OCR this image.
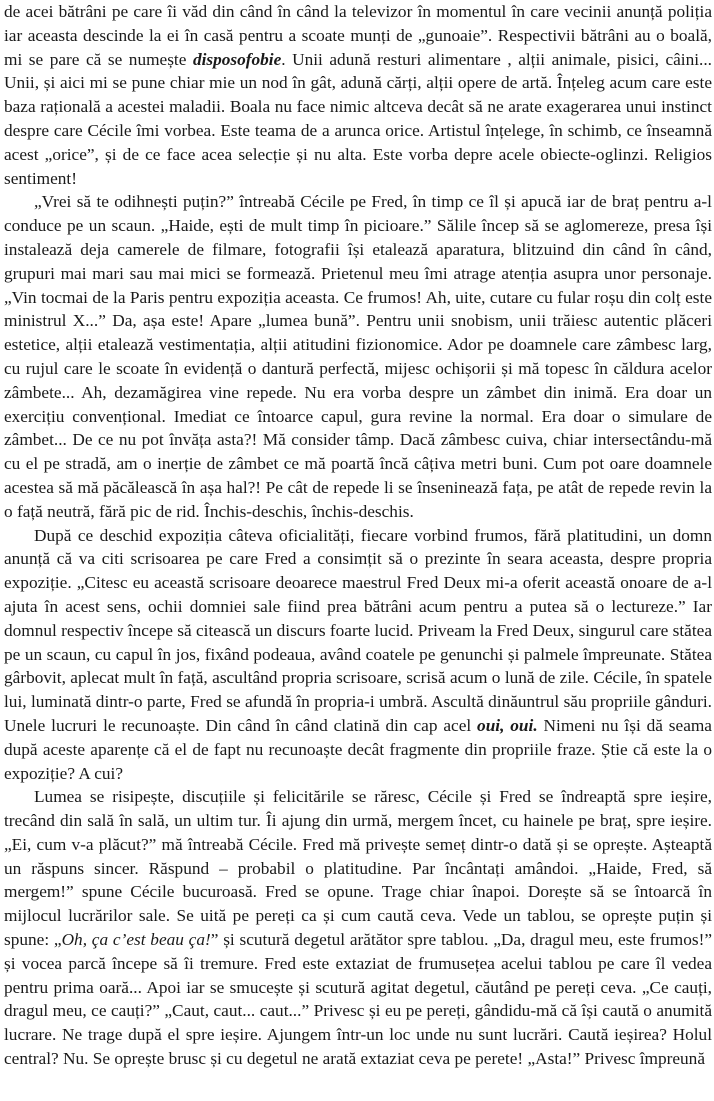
de acei bătrâni pe care îi văd din când în când la televizor în momentul în care vecinii anunță poliția iar aceasta descinde la ei în casă pentru a scoate munți de „gunoaie”. Respectivii bătrâni au o boală, mi se pare că se numește disposofobie. Unii adună resturi alimentare , alții animale, pisici, câini... Unii, și aici mi se pune chiar mie un nod în gât, adună cărți, alții opere de artă. Înțeleg acum care este baza rațională a acestei maladii. Boala nu face nimic altceva decât să ne arate exagerarea unui instinct despre care Cécile îmi vorbea. Este teama de a arunca orice. Artistul înțelege, în schimb, ce înseamnă acest „orice”, și de ce face acea selecție și nu alta. Este vorba depre acele obiecte-oglinzi. Religios sentiment!

„Vrei să te odihnești puțin?” întreabă Cécile pe Fred, în timp ce îl și apucă iar de braț pentru a-l conduce pe un scaun. „Haide, ești de mult timp în picioare.” Sălile încep să se aglomereze, presa își instalează deja camerele de filmare, fotografii își etalează aparatura, blitzuind din când în când, grupuri mai mari sau mai mici se formează. Prietenul meu îmi atrage atenția asupra unor personaje. „Vin tocmai de la Paris pentru expoziția aceasta. Ce frumos! Ah, uite, cutare cu fular roșu din colț este ministrul X...” Da, așa este! Apare „lumea bună”. Pentru unii snobism, unii trăiesc autentic plăceri estetice, alții etalează vestimentația, alții atitudini fizionomice. Ador pe doamnele care zâmbesc larg, cu rujul care le scoate în evidență o dantură perfectă, mijesc ochișorii și mă topesc în căldura acelor zâmbete... Ah, dezamăgirea vine repede. Nu era vorba despre un zâmbet din inimă. Era doar un exercițiu convențional. Imediat ce întoarce capul, gura revine la normal. Era doar o simulare de zâmbet... De ce nu pot învăța asta?! Mă consider tâmp. Dacă zâmbesc cuiva, chiar intersectându-mă cu el pe stradă, am o inerție de zâmbet ce mă poartă încă câțiva metri buni. Cum pot oare doamnele acestea să mă păcălească în așa hal?! Pe cât de repede li se înseninează fața, pe atât de repede revin la o față neutră, fără pic de rid. Închis-deschis, închis-deschis.

După ce deschid expoziția câteva oficialități, fiecare vorbind frumos, fără platitudini, un domn anunță că va citi scrisoarea pe care Fred a consimțit să o prezinte în seara aceasta, despre propria expoziție. „Citesc eu această scrisoare deoarece maestrul Fred Deux mi-a oferit această onoare de a-l ajuta în acest sens, ochii domniei sale fiind prea bătrâni acum pentru a putea să o lectureze.” Iar domnul respectiv începe să citească un discurs foarte lucid. Priveam la Fred Deux, singurul care stătea pe un scaun, cu capul în jos, fixând podeaua, având coatele pe genunchi și palmele împreunate. Stătea gârbovit, aplecat mult în față, ascultând propria scrisoare, scrisă acum o lună de zile. Cécile, în spatele lui, luminată dintr-o parte, Fred se afundă în propria-i umbră. Ascultă dinăuntrul său propriile gânduri. Unele lucruri le recunoaște. Din când în când clatină din cap acel oui, oui. Nimeni nu își dă seama după aceste aparențe că el de fapt nu recunoaște decât fragmente din propriile fraze. Știe că este la o expoziție? A cui?

Lumea se risipește, discuțiile și felicitările se răresc, Cécile și Fred se îndreaptă spre ieșire, trecând din sală în sală, un ultim tur. Îi ajung din urmă, mergem încet, cu hainele pe braț, spre ieșire. „Ei, cum v-a plăcut?” mă întreabă Cécile. Fred mă privește semeț dintr-o dată și se oprește. Așteaptă un răspuns sincer. Răspund – probabil o platitudine. Par încântați amândoi. „Haide, Fred, să mergem!” spune Cécile bucuroasă. Fred se opune. Trage chiar înapoi. Dorește să se întoarcă în mijlocul lucrărilor sale. Se uită pe pereți ca și cum caută ceva. Vede un tablou, se oprește puțin și spune: „Oh, ça c’est beau ça!” și scutură degetul arătător spre tablou. „Da, dragul meu, este frumos!” și vocea parcă începe să îi tremure. Fred este extaziat de frumusețea acelui tablou pe care îl vedea pentru prima oară... Apoi iar se smucește și scutură agitat degetul, căutând pe pereți ceva. „Ce cauți, dragul meu, ce cauți?” „Caut, caut... caut...” Privesc și eu pe pereți, gândidu-mă că își caută o anumită lucrare. Ne trage după el spre ieșire. Ajungem într-un loc unde nu sunt lucrări. Caută ieșirea? Holul central? Nu. Se oprește brusc și cu degetul ne arată extaziat ceva pe perete! „Asta!” Privesc împreună
